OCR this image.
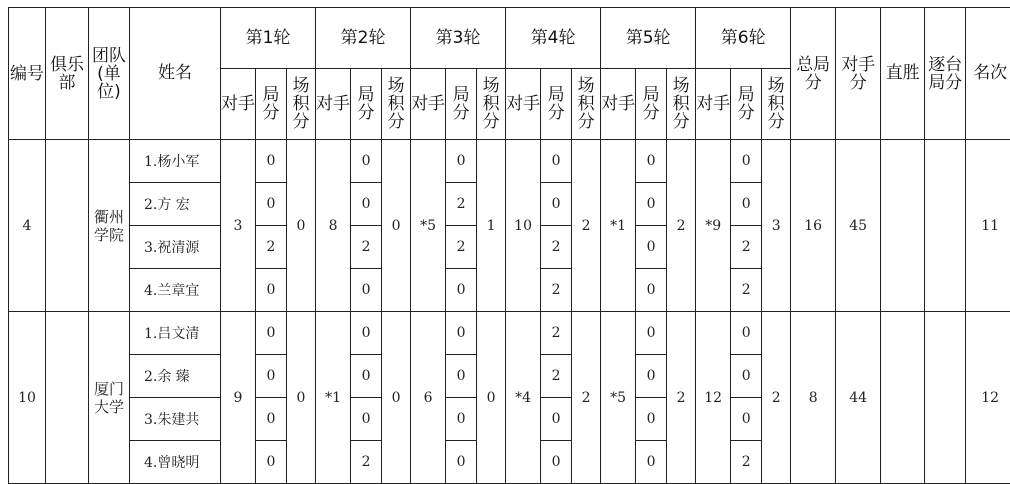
编号	俱乐部	团队(单位)	姓名	第1轮			第2轮			第3轮			第4轮			第5轮			第6轮			总局分	对手分	直胜	逐台局分	名次
				对手	局分	场积分	对手	局分	场积分	对手	局分	场积分	对手	局分	场积分	对手	局分	场积分	对手	局分	场积分					
4		衢州学院	1.杨小军	3	0	0	8	0	0	*5	0	1	10	0	2	*1	0	2	*9	0	3	16	45			11
			2.方 宏		0			0			2			0			0			0						
			3.祝清源		2			2			2			2			0			2						
			4.兰章宜		0			0			0			2			0			2						
10		厦门大学	1.吕文清	9	0	0	*1	0	0	6	0	0	*4	2	2	*5	0	2	12	0	2	8	44			12
			2.余 臻		0			0			0			2			0			0						
			3.朱建共		0			0			0			0			0			0						
			4.曾晓明		0			2			0			0			0			2						
